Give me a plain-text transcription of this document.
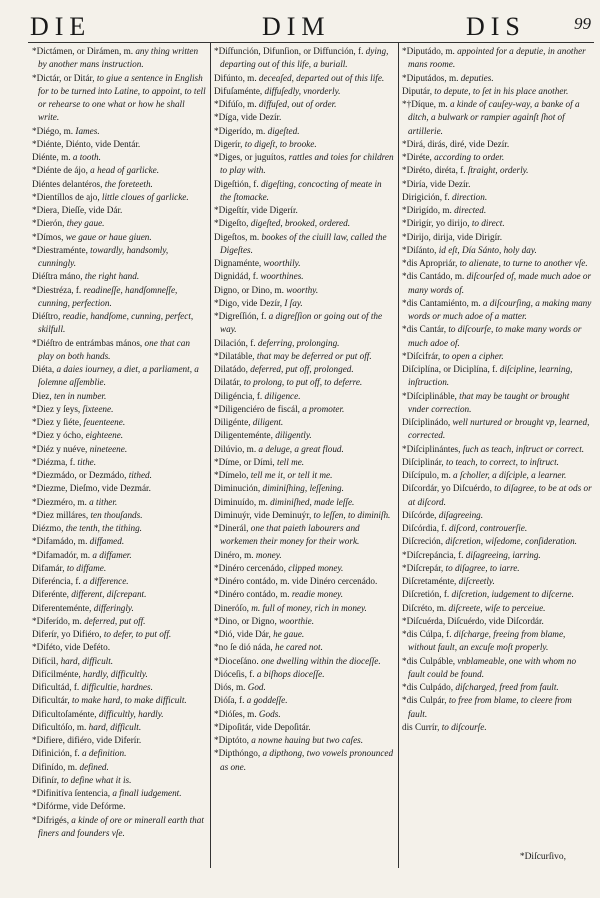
DIE	DIM	DIS	99
*Dictámen, or Dirámen, m. any thing written by another mans instruction.
*Dictár, or Ditár, to giue a sentence in English for to be turned into Latine, to appoint, to tell or rehearse to one what or how he shall write.
*Diégo, m. Iames.
*Diénte, Diénto, vide Dentár.
Diénte, m. a tooth.
*Diénte de ájo, a head of garlicke.
Diéntes delantéros, the foreteeth.
*Dientíllos de ajo, little cloues of garlicke.
*Diera, Dieſſe, vide Dár.
*Dierón, they gaue.
*Dímos, we gaue or haue giuen.
*Diestraménte, towardly, handsomly, cunningly.
Diéſtra máno, the right hand.
*Diestréza, f. readineſſe, handſomneſſe, cunning, perfection.
Diéſtro, readie, handſome, cunning, perfect, skilfull.
*Diéſtro de entrámbas mános, one that can play on both hands.
Diéta, a daies iourney, a diet, a parliament, a ſolemne aſſemblie.
Diez, ten in number.
*Diez y ſeys, ſixteene.
*Diez y ſiéte, ſeuenteene.
*Diez y ócho, eighteene.
*Diéz y nuéve, nineteene.
*Diézma, f. tithe.
*Diezmádo, or Dezmádo, tithed.
*Diezme, Dieſmo, vide Dezmár.
*Diezméro, m. a tither.
*Diez milláres, ten thouſands.
Diézmo, the tenth, the tithing.
*Difamádo, m. diffamed.
*Difamadór, m. a diffamer.
Difamár, to diffame.
Diferéncia, f. a difference.
Diferénte, different, diſcrepant.
Diferenteménte, differingly.
*Diferído, m. deferred, put off.
Diferír, yo Difiéro, to defer, to put off.
*Diféto, vide Deféto.
Difícil, hard, difficult.
Difícilménte, hardly, difficultly.
Dificultád, f. difficultie, hardnes.
Dificultár, to make hard, to make difficult.
Dificultoſaménte, difficultly, hardly.
Dificultóſo, m. hard, difficult.
*Difiere, difiéro, vide Diferír.
Difinición, f. a definition.
Difinído, m. defined.
Difinír, to define what it is.
*Difinitíva ſentencia, a finall iudgement.
*Difórme, vide Defórme.
*Difrigés, a kinde of ore or minerall earth that finers and founders vſe.
*Diſfunción, Difunſion, or Diffunción, f. dying, departing out of this life, a buriall.
Difúnto, m. deceaſed, departed out of this life.
Difuſaménte, diffuſedly, vnorderly.
*Difúſo, m. diffuſed, out of order.
*Díga, vide Dezír.
*Digerído, m. digeſted.
Digerír, to digeſt, to brooke.
*Diges, or juguítos, rattles and toies for children to play with.
Digeſtión, f. digeſting, concocting of meate in the ſtomacke.
*Digeſtír, vide Digerír.
*Digeſto, digeſted, brooked, ordered.
Digeſtos, m. bookes of the ciuill law, called the Digeſtes.
Dignaménte, woorthily.
Dignidád, f. woorthines.
Digno, or Dino, m. woorthy.
*Digo, vide Dezír, I ſay.
*Digreſſión, f. a digreſſion or going out of the way.
Dilación, f. deferring, prolonging.
*Dilatáble, that may be deferred or put off.
Dilatádo, deferred, put off, prolonged.
Dilatár, to prolong, to put off, to deferre.
Diligéncia, f. diligence.
*Diligenciéro de fiscál, a promoter.
Diligénte, diligent.
Diligenteménte, diligently.
Dilúvio, m. a deluge, a great floud.
*Díme, or Dími, tell me.
*Dímelo, tell me it, or tell it me.
Diminución, diminiſhing, leſſening.
Diminuído, m. diminiſhed, made leſſe.
Diminuýr, vide Deminuýr, to leſſen, to diminiſh.
*Dinerál, one that paieth labourers and workemen their money for their work.
Dinéro, m. money.
*Dinéro cercenádo, clipped money.
*Dinéro contádo, m. vide Dinéro cercenádo.
*Dinéro contádo, m. readie money.
Dineróſo, m. full of money, rich in money.
*Dino, or Digno, woorthie.
*Dió, vide Dár, he gaue.
*no ſe dió náda, he cared not.
*Dioceſáno. one dwelling within the dioceſſe.
Dióceſis, f. a biſhops dioceſſe.
Diós, m. God.
Dióſa, f. a goddeſſe.
*Dióſes, m. Gods.
*Dipoſitár, vide Depoſitár.
*Diptóto, a nowne hauing but two caſes.
*Dipthóngo, a dipthong, two vowels pronounced as one.
*Diputádo, m. appointed for a deputie, in another mans roome.
*Diputádos, m. deputies.
Diputár, to depute, to ſet in his place another.
*†Díque, m. a kinde of cauſey-way, a banke of a ditch, a bulwark or rampier againſt ſhot of artillerie.
*Dirá, dirás, diré, vide Dezír.
*Diréte, according to order.
*Diréto, diréta, f. ſtraight, orderly.
*Diría, vide Dezír.
Dirigición, f. direction.
*Dirigído, m. directed.
*Dirigír, yo dirijo, to direct.
*Dirijo, dirija, vide Dirigír.
*Diſánto, id eſt, Día Sánto, holy day.
*dis Apropriár, to alienate, to turne to another vſe.
*dis Cantádo, m. diſcourſed of, made much adoe or many words of.
*dis Cantamiénto, m. a diſcourſing, a making many words or much adoe of a matter.
*dis Cantár, to diſcourſe, to make many words or much adoe of.
*Diſcifrár, to open a cipher.
Diſciplína, or Diciplína, f. diſcipline, learning, inſtruction.
*Diſciplináble, that may be taught or brought vnder correction.
Diſciplinádo, well nurtured or brought vp, learned, corrected.
*Diſciplinántes, ſuch as teach, inſtruct or correct.
Diſciplinár, to teach, to correct, to inſtruct.
Diſcípulo, m. a ſcholler, a diſciple, a learner.
Diſcordár, yo Diſcuérdo, to diſagree, to be at ods or at diſcord.
Diſcórde, diſagreeing.
Diſcórdia, f. diſcord, controuerſie.
Diſcreción, diſcretion, wiſedome, conſideration.
*Diſcrepáncia, f. diſagreeing, iarring.
*Diſcrepár, to diſagree, to iarre.
Diſcretaménte, diſcreetly.
Diſcretión, f. diſcretion, iudgement to diſcerne.
Diſcréto, m. diſcreete, wiſe to perceiue.
*Diſcuérda, Diſcuérdo, vide Diſcordár.
*dis Cúlpa, f. diſcharge, freeing from blame, without fault, an excuſe moſt properly.
*dis Culpáble, vnblameable, one with whom no fault could be found.
*dis Culpádo, diſcharged, freed from fault.
*dis Culpár, to free from blame, to cleere from fault.
dis Currír, to diſcourſe.
*Diſcurſivo,
